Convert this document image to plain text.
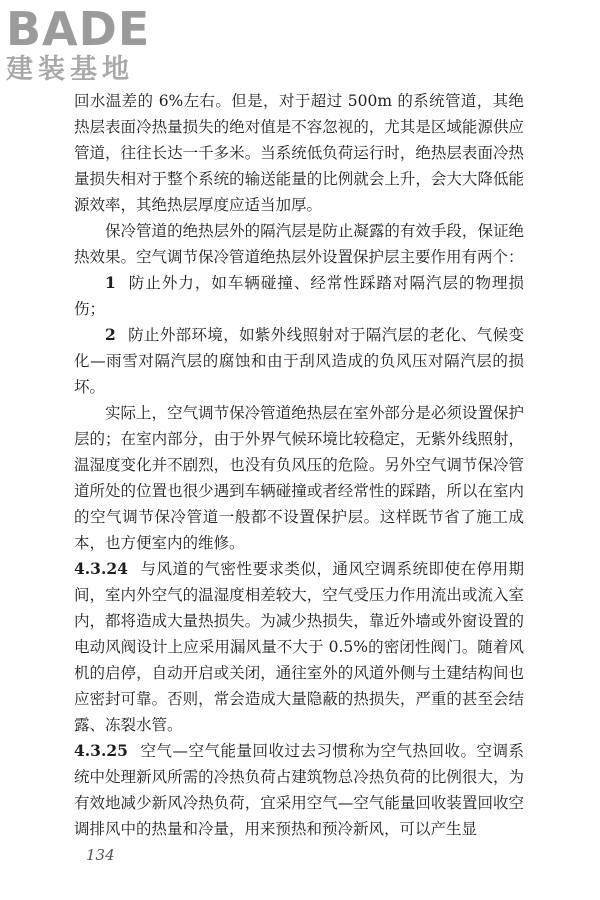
BADE
建装基地

回水温差的 6%左右。但是，对于超过 500m 的系统管道，其绝热层表面冷热量损失的绝对值是不容忽视的，尤其是区域能源供应管道，往往长达一千多米。当系统低负荷运行时，绝热层表面冷热量损失相对于整个系统的输送能量的比例就会上升，会大大降低能源效率，其绝热层厚度应适当加厚。

保冷管道的绝热层外的隔汽层是防止凝露的有效手段，保证绝热效果。空气调节保冷管道绝热层外设置保护层主要作用有两个：

1 防止外力，如车辆碰撞、经常性踩踏对隔汽层的物理损伤；

2 防止外部环境，如紫外线照射对于隔汽层的老化、气候变化—雨雪对隔汽层的腐蚀和由于刮风造成的负风压对隔汽层的损坏。

实际上，空气调节保冷管道绝热层在室外部分是必须设置保护层的；在室内部分，由于外界气候环境比较稳定，无紫外线照射，温湿度变化并不剧烈，也没有负风压的危险。另外空气调节保冷管道所处的位置也很少遇到车辆碰撞或者经常性的踩踏，所以在室内的空气调节保冷管道一般都不设置保护层。这样既节省了施工成本，也方便室内的维修。

4.3.24 与风道的气密性要求类似，通风空调系统即使在停用期间，室内外空气的温湿度相差较大，空气受压力作用流出或流入室内，都将造成大量热损失。为减少热损失，靠近外墙或外窗设置的电动风阀设计上应采用漏风量不大于 0.5%的密闭性阀门。随着风机的启停，自动开启或关闭，通往室外的风道外侧与土建结构间也应密封可靠。否则，常会造成大量隐蔽的热损失，严重的甚至会结露、冻裂水管。

4.3.25 空气—空气能量回收过去习惯称为空气热回收。空调系统中处理新风所需的冷热负荷占建筑物总冷热负荷的比例很大，为有效地减少新风冷热负荷，宜采用空气—空气能量回收装置回收空调排风中的热量和冷量，用来预热和预冷新风，可以产生显

134
